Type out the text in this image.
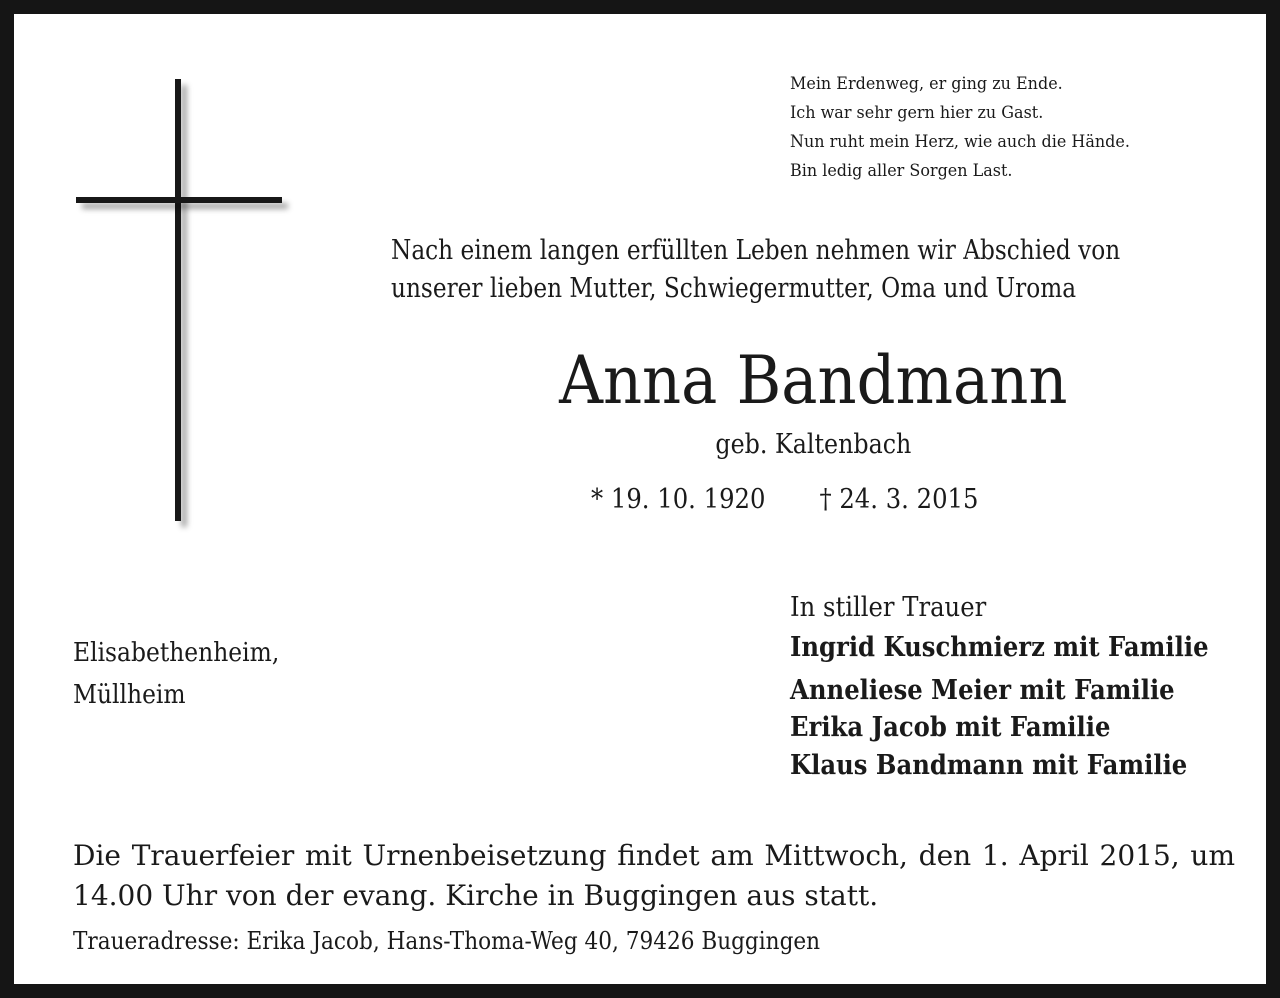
Mein Erdenweg, er ging zu Ende.
Ich war sehr gern hier zu Gast.
Nun ruht mein Herz, wie auch die Hände.
Bin ledig aller Sorgen Last.
Nach einem langen erfüllten Leben nehmen wir Abschied von
unserer lieben Mutter, Schwiegermutter, Oma und Uroma
Anna Bandmann
geb. Kaltenbach
* 19. 10. 1920 † 24. 3. 2015
Elisabethenheim,
Müllheim
In stiller Trauer
Ingrid Kuschmierz mit Familie
Anneliese Meier mit Familie
Erika Jacob mit Familie
Klaus Bandmann mit Familie
Die Trauerfeier mit Urnenbeisetzung findet am Mittwoch, den 1. April 2015, um
14.00 Uhr von der evang. Kirche in Buggingen aus statt.
Traueradresse: Erika Jacob, Hans-Thoma-Weg 40, 79426 Buggingen
